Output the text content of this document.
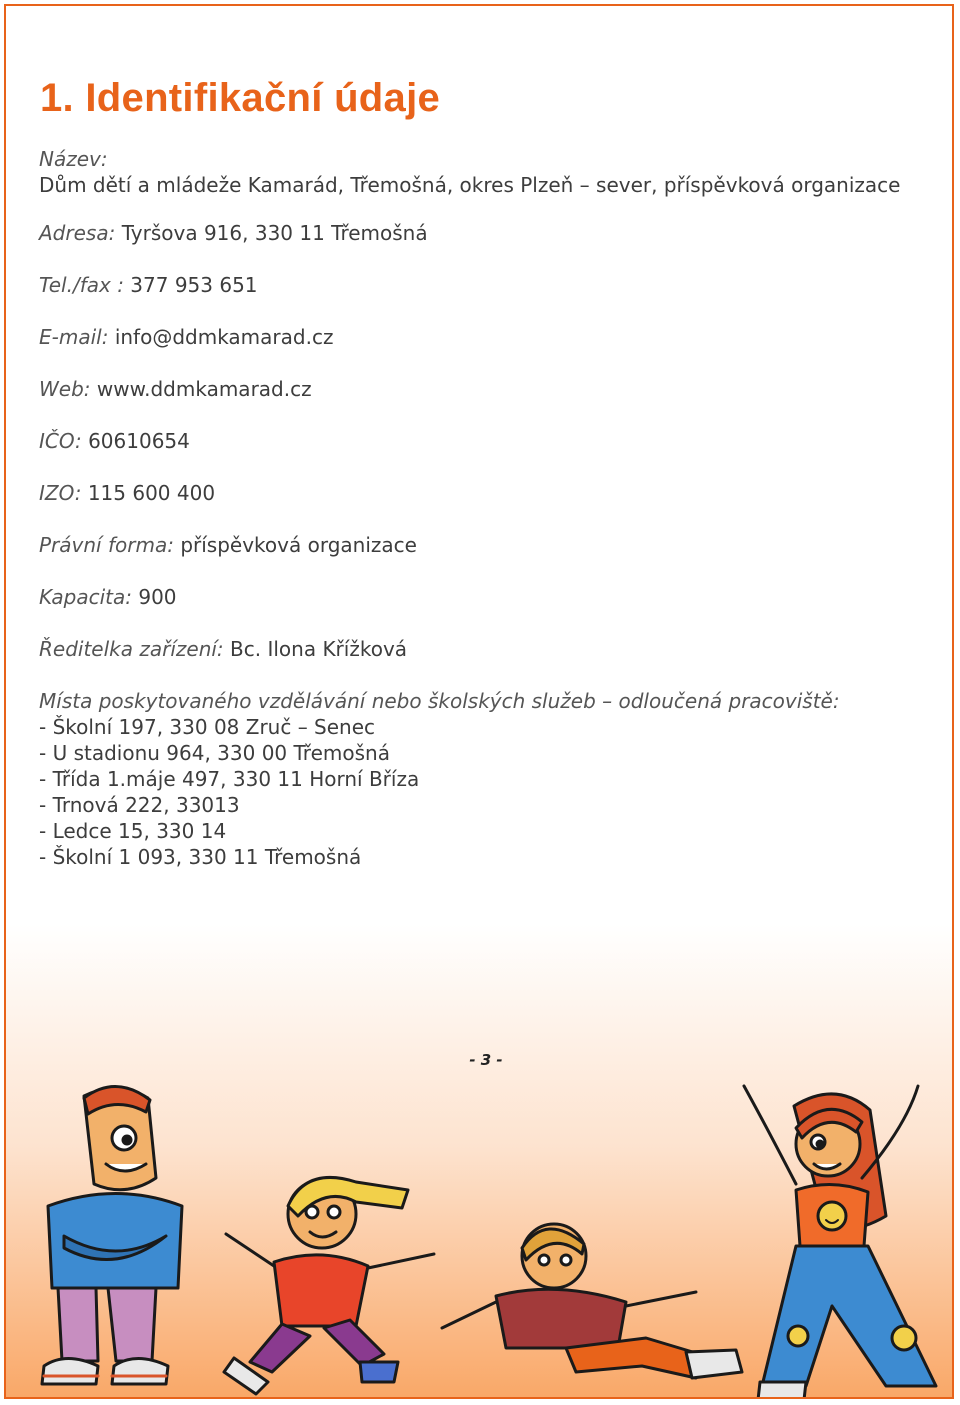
1. Identifikační údaje
Název:
Dům dětí a mládeže Kamarád, Třemošná, okres Plzeň – sever, příspěvková organizace
Adresa: Tyršova 916, 330 11 Třemošná
Tel./fax : 377 953 651
E-mail: info@ddmkamarad.cz
Web: www.ddmkamarad.cz
IČO: 60610654
IZO: 115 600 400
Právní forma: příspěvková organizace
Kapacita: 900
Ředitelka zařízení: Bc. Ilona Křížková
Místa poskytovaného vzdělávání nebo školských služeb – odloučená pracoviště:
- Školní 197, 330 08 Zruč – Senec
- U stadionu 964, 330 00 Třemošná
- Třída 1.máje 497, 330 11 Horní Bříza
- Trnová 222, 33013
- Ledce 15, 330 14
- Školní 1 093, 330 11 Třemošná
- 3 -
